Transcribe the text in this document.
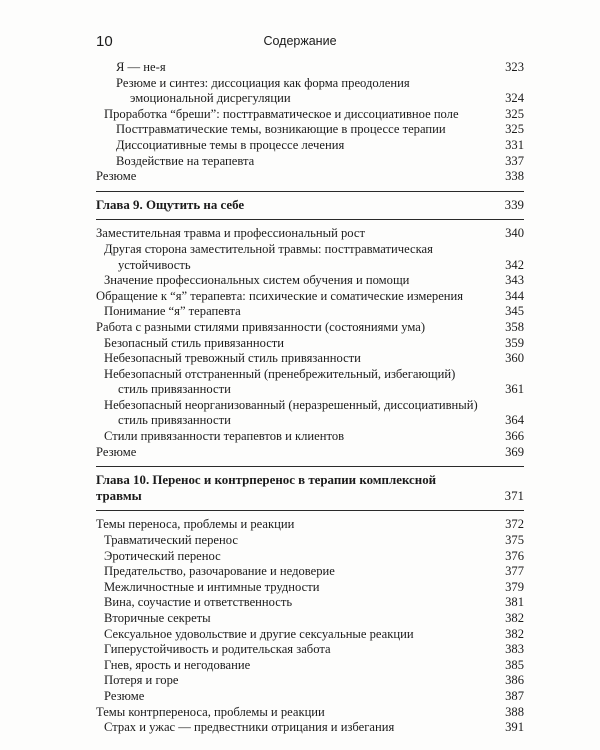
10	Содержание
Я — не-я	323
Резюме и синтез: диссоциация как форма преодоления
эмоциональной дисрегуляции	324
Проработка “бреши”: посттравматическое и диссоциативное поле	325
Посттравматические темы, возникающие в процессе терапии	325
Диссоциативные темы в процессе лечения	331
Воздействие на терапевта	337
Резюме	338
Глава 9. Ощутить на себе	339
Заместительная травма и профессиональный рост	340
Другая сторона заместительной травмы: посттравматическая
устойчивость	342
Значение профессиональных систем обучения и помощи	343
Обращение к “я” терапевта: психические и соматические измерения	344
Понимание “я” терапевта	345
Работа с разными стилями привязанности (состояниями ума)	358
Безопасный стиль привязанности	359
Небезопасный тревожный стиль привязанности	360
Небезопасный отстраненный (пренебрежительный, избегающий)
стиль привязанности	361
Небезопасный неорганизованный (неразрешенный, диссоциативный)
стиль привязанности	364
Стили привязанности терапевтов и клиентов	366
Резюме	369
Глава 10. Перенос и контрперенос в терапии комплексной травмы	371
Темы переноса, проблемы и реакции	372
Травматический перенос	375
Эротический перенос	376
Предательство, разочарование и недоверие	377
Межличностные и интимные трудности	379
Вина, соучастие и ответственность	381
Вторичные секреты	382
Сексуальное удовольствие и другие сексуальные реакции	382
Гиперустойчивость и родительская забота	383
Гнев, ярость и негодование	385
Потеря и горе	386
Резюме	387
Темы контрпереноса, проблемы и реакции	388
Страх и ужас — предвестники отрицания и избегания	391
